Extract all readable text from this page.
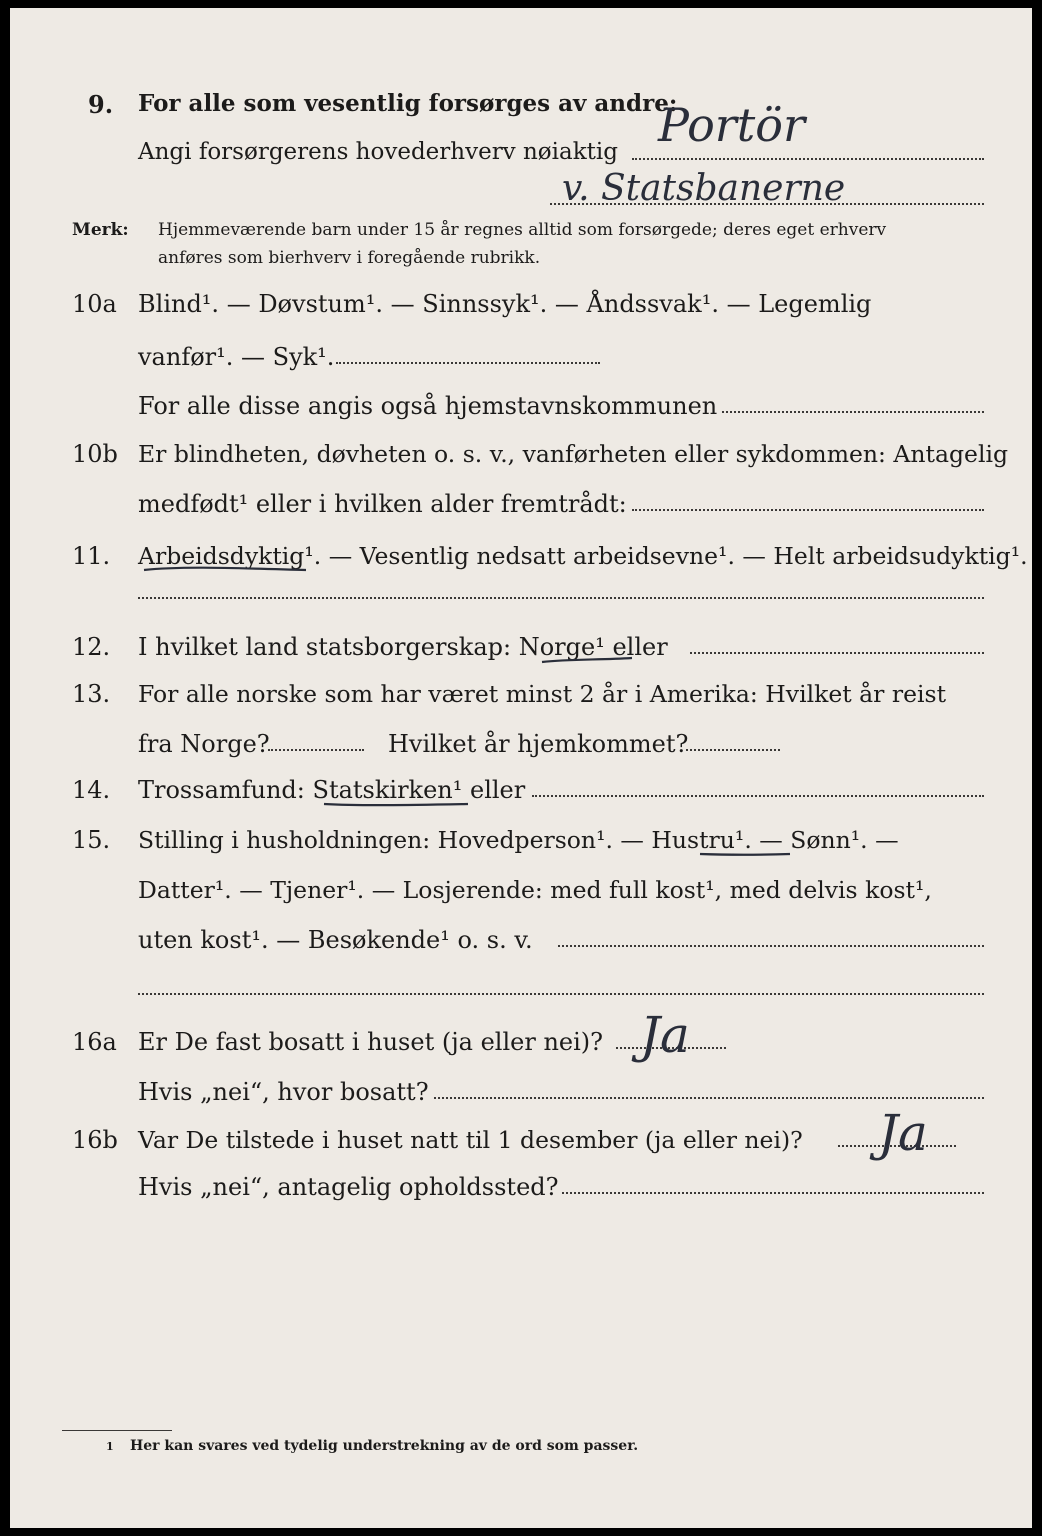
9. For alle som vesentlig forsørges av andre:
Portör
Angi forsørgerens hovederhverv nøiaktig
v. Statsbanerne
Merk: Hjemmeværende barn under 15 år regnes alltid som forsørgede; deres eget erhverv
anføres som bierhverv i foregående rubrikk.
10a Blind¹. — Døvstum¹. — Sinnssyk¹. — Åndssvak¹. — Legemlig
vanfør¹. — Syk¹.
For alle disse angis også hjemstavnskommunen
10b Er blindheten, døvheten o. s. v., vanførheten eller sykdommen: Antagelig
medfødt¹ eller i hvilken alder fremtrådt:
11. Arbeidsdyktig¹. — Vesentlig nedsatt arbeidsevne¹. — Helt arbeidsudyktig¹.
12. I hvilket land statsborgerskap: Norge¹ eller
13. For alle norske som har været minst 2 år i Amerika: Hvilket år reist
fra Norge?	Hvilket år hjemkommet?
14. Trossamfund: Statskirken¹ eller
15. Stilling i husholdningen: Hovedperson¹. — Hustru¹. — Sønn¹. —
Datter¹. — Tjener¹. — Losjerende: med full kost¹, med delvis kost¹,
uten kost¹. — Besøkende¹ o. s. v.
16a Er De fast bosatt i huset (ja eller nei)? Ja
Hvis „nei“, hvor bosatt?
16b Var De tilstede i huset natt til 1 desember (ja eller nei)? Ja
Hvis „nei“, antagelig opholdssted?
1 Her kan svares ved tydelig understrekning av de ord som passer.
